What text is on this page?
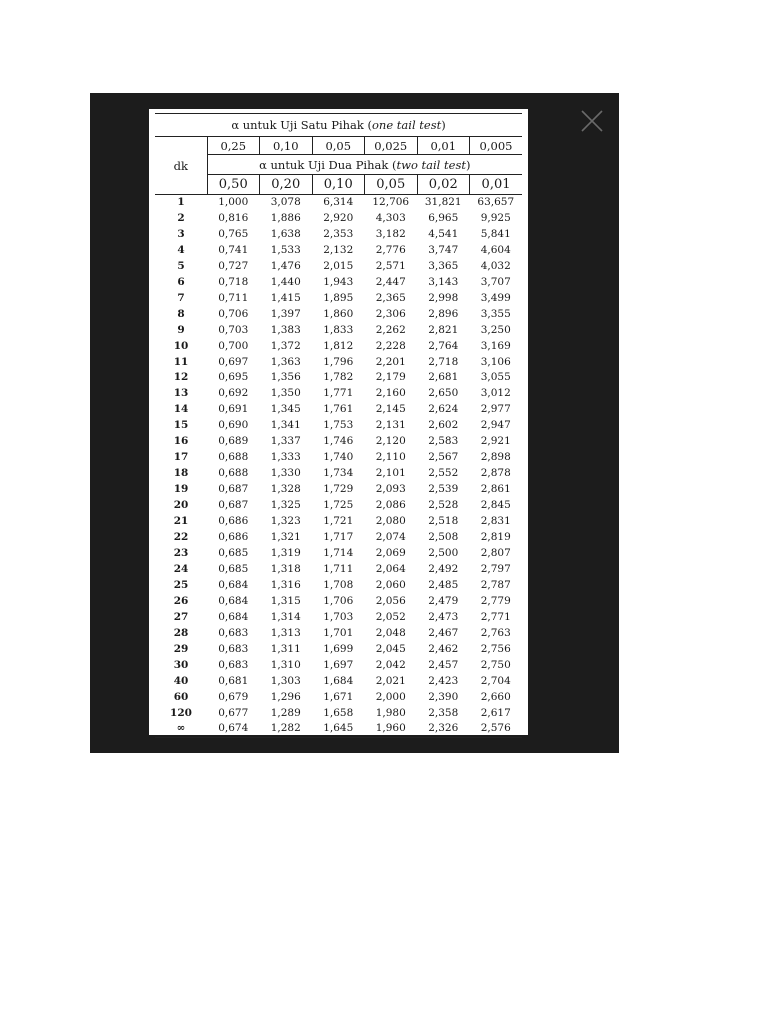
α untuk Uji Satu Pihak (one tail test)						
dk	0,25	0,10	0,05	0,025	0,01	0,005
	α untuk Uji Dua Pihak (two tail test)					
	0,50	0,20	0,10	0,05	0,02	0,01
1	1,000	3,078	6,314	12,706	31,821	63,657
2	0,816	1,886	2,920	4,303	6,965	9,925
3	0,765	1,638	2,353	3,182	4,541	5,841
4	0,741	1,533	2,132	2,776	3,747	4,604
5	0,727	1,476	2,015	2,571	3,365	4,032
6	0,718	1,440	1,943	2,447	3,143	3,707
7	0,711	1,415	1,895	2,365	2,998	3,499
8	0,706	1,397	1,860	2,306	2,896	3,355
9	0,703	1,383	1,833	2,262	2,821	3,250
10	0,700	1,372	1,812	2,228	2,764	3,169
11	0,697	1,363	1,796	2,201	2,718	3,106
12	0,695	1,356	1,782	2,179	2,681	3,055
13	0,692	1,350	1,771	2,160	2,650	3,012
14	0,691	1,345	1,761	2,145	2,624	2,977
15	0,690	1,341	1,753	2,131	2,602	2,947
16	0,689	1,337	1,746	2,120	2,583	2,921
17	0,688	1,333	1,740	2,110	2,567	2,898
18	0,688	1,330	1,734	2,101	2,552	2,878
19	0,687	1,328	1,729	2,093	2,539	2,861
20	0,687	1,325	1,725	2,086	2,528	2,845
21	0,686	1,323	1,721	2,080	2,518	2,831
22	0,686	1,321	1,717	2,074	2,508	2,819
23	0,685	1,319	1,714	2,069	2,500	2,807
24	0,685	1,318	1,711	2,064	2,492	2,797
25	0,684	1,316	1,708	2,060	2,485	2,787
26	0,684	1,315	1,706	2,056	2,479	2,779
27	0,684	1,314	1,703	2,052	2,473	2,771
28	0,683	1,313	1,701	2,048	2,467	2,763
29	0,683	1,311	1,699	2,045	2,462	2,756
30	0,683	1,310	1,697	2,042	2,457	2,750
40	0,681	1,303	1,684	2,021	2,423	2,704
60	0,679	1,296	1,671	2,000	2,390	2,660
120	0,677	1,289	1,658	1,980	2,358	2,617
∞	0,674	1,282	1,645	1,960	2,326	2,576
